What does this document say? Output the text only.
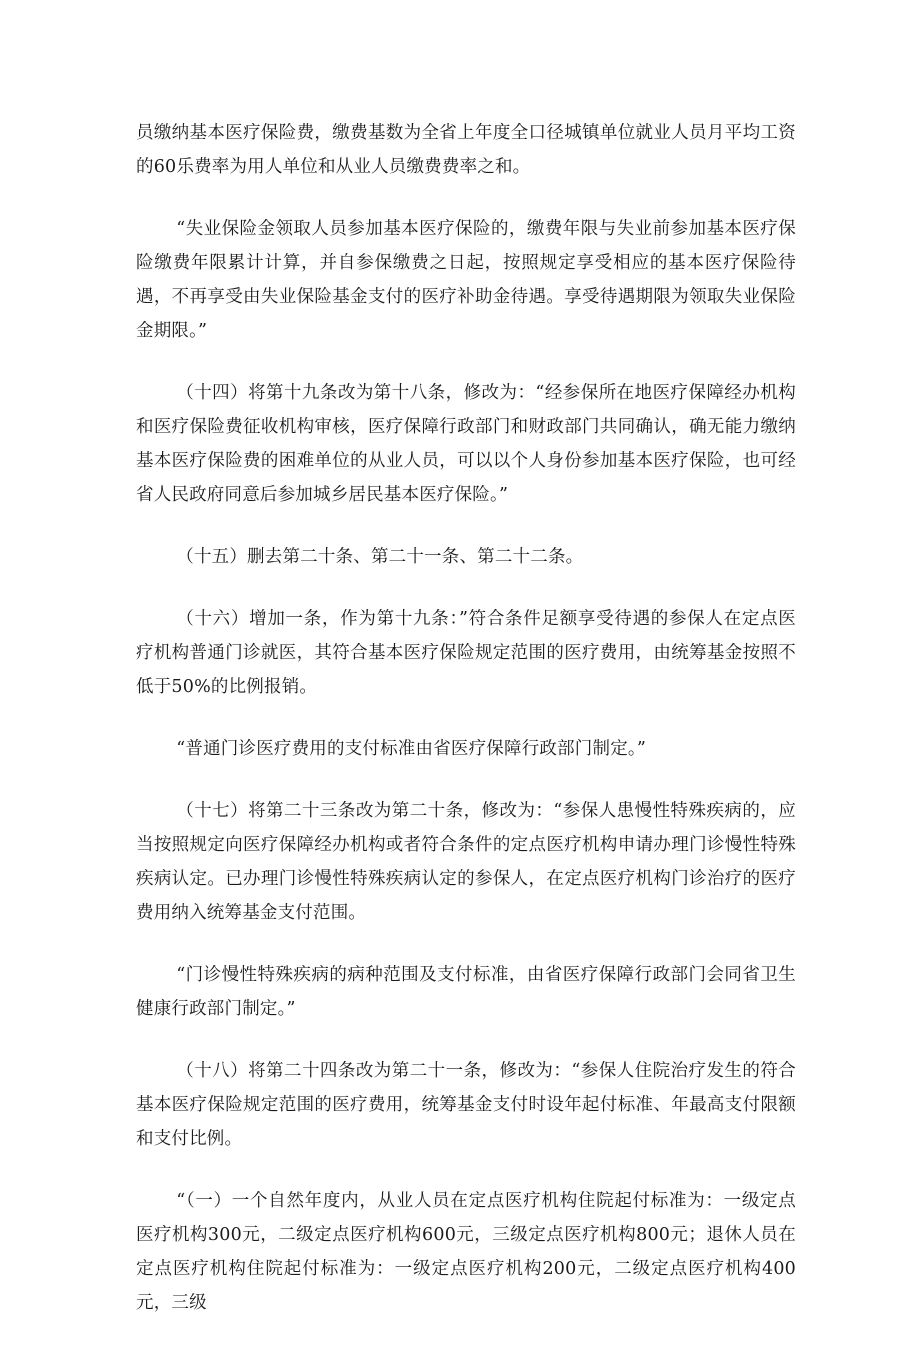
员缴纳基本医疗保险费，缴费基数为全省上年度全口径城镇单位就业人员月平均工资的60乐费率为用人单位和从业人员缴费费率之和。

“失业保险金领取人员参加基本医疗保险的，缴费年限与失业前参加基本医疗保险缴费年限累计计算，并自参保缴费之日起，按照规定享受相应的基本医疗保险待遇，不再享受由失业保险基金支付的医疗补助金待遇。享受待遇期限为领取失业保险金期限。”

（十四）将第十九条改为第十八条，修改为：“经参保所在地医疗保障经办机构和医疗保险费征收机构审核，医疗保障行政部门和财政部门共同确认，确无能力缴纳基本医疗保险费的困难单位的从业人员，可以以个人身份参加基本医疗保险，也可经省人民政府同意后参加城乡居民基本医疗保险。”

（十五）删去第二十条、第二十一条、第二十二条。

（十六）增加一条，作为第十九条：”符合条件足额享受待遇的参保人在定点医疗机构普通门诊就医，其符合基本医疗保险规定范围的医疗费用，由统筹基金按照不低于50%的比例报销。

“普通门诊医疗费用的支付标准由省医疗保障行政部门制定。”

（十七）将第二十三条改为第二十条，修改为：“参保人患慢性特殊疾病的，应当按照规定向医疗保障经办机构或者符合条件的定点医疗机构申请办理门诊慢性特殊疾病认定。已办理门诊慢性特殊疾病认定的参保人，在定点医疗机构门诊治疗的医疗费用纳入统筹基金支付范围。

“门诊慢性特殊疾病的病种范围及支付标准，由省医疗保障行政部门会同省卫生健康行政部门制定。”

（十八）将第二十四条改为第二十一条，修改为：“参保人住院治疗发生的符合基本医疗保险规定范围的医疗费用，统筹基金支付时设年起付标准、年最高支付限额和支付比例。

“（一）一个自然年度内，从业人员在定点医疗机构住院起付标准为：一级定点医疗机构300元，二级定点医疗机构600元，三级定点医疗机构800元；退休人员在定点医疗机构住院起付标准为：一级定点医疗机构200元，二级定点医疗机构400元，三级
